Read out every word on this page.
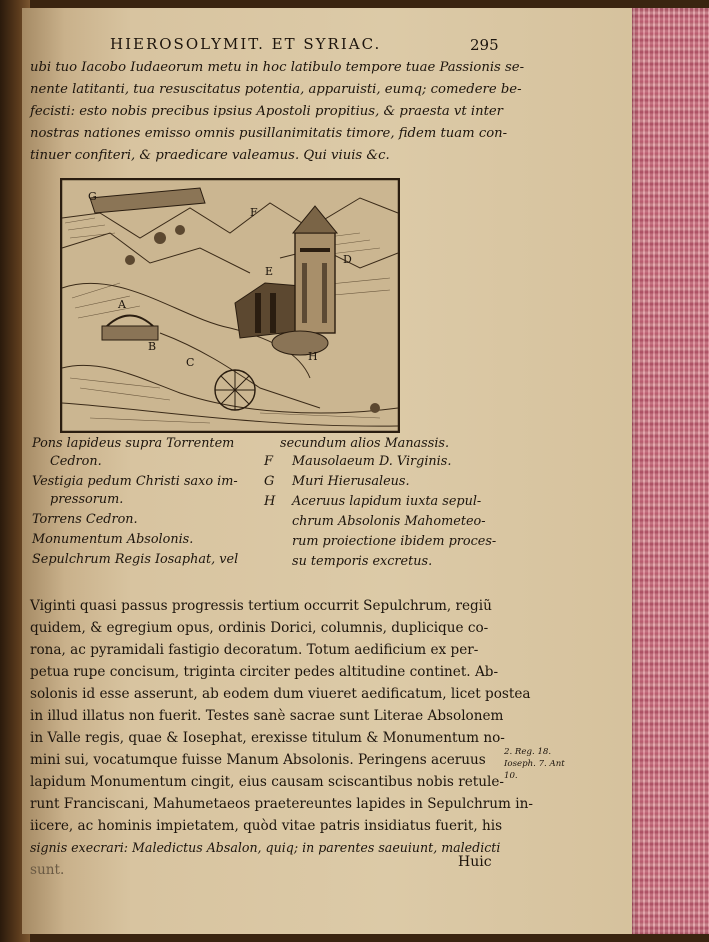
HIEROSOLYMIT. ET SYRIAC.	295
ubi tuo Iacobo Iudaeorum metu in hoc latibulo tempore tuae Passionis se-
nente latitanti, tua resuscitatus potentia, apparuisti, eumq; comedere be-
fecisti: esto nobis precibus ipsius Apostoli propitius, & praesta vt inter
nostras nationes emisso omnis pusillanimitatis timore, fidem tuam con-
tinuer confiteri, & praedicare valeamus. Qui viuis &c.
G
F
D
E
A
B
C	H
Pons lapideus supra Torrentem
Cedron.
Vestigia pedum Christi saxo im-
pressorum.
Torrens Cedron.
Monumentum Absolonis.
Sepulchrum Regis Iosaphat, vel
F
G
H
secundum alios Manassis.
Mausolaeum D. Virginis.
Muri Hierusaleus.
Aceruus lapidum iuxta sepul-
chrum Absolonis Mahometeo-
rum proiectione ibidem proces-
su temporis excretus.
Viginti quasi passus progressis tertium occurrit Sepulchrum, regiũ
quidem, & egregium opus, ordinis Dorici, columnis, duplicique co-
rona, ac pyramidali fastigio decoratum. Totum aedificium ex per-
petua rupe concisum, triginta circiter pedes altitudine continet. Ab-
solonis id esse asserunt, ab eodem dum viueret aedificatum, licet postea
in illud illatus non fuerit. Testes sanè sacrae sunt Literae Absolonem
in Valle regis, quae & Iosephat, erexisse titulum & Monumentum no-
mini sui, vocatumque fuisse Manum Absolonis. Peringens aceruus
lapidum Monumentum cingit, eius causam sciscantibus nobis retule-
runt Franciscani, Mahumetaeos praetereuntes lapides in Sepulchrum in-
iicere, ac hominis impietatem, quòd vitae patris insidiatus fuerit, his
signis execrari: Maledictus Absalon, quiq; in parentes saeuiunt, maledicti
sunt.
2. Reg. 18.
Ioseph. 7. Ant
10.
Huic
